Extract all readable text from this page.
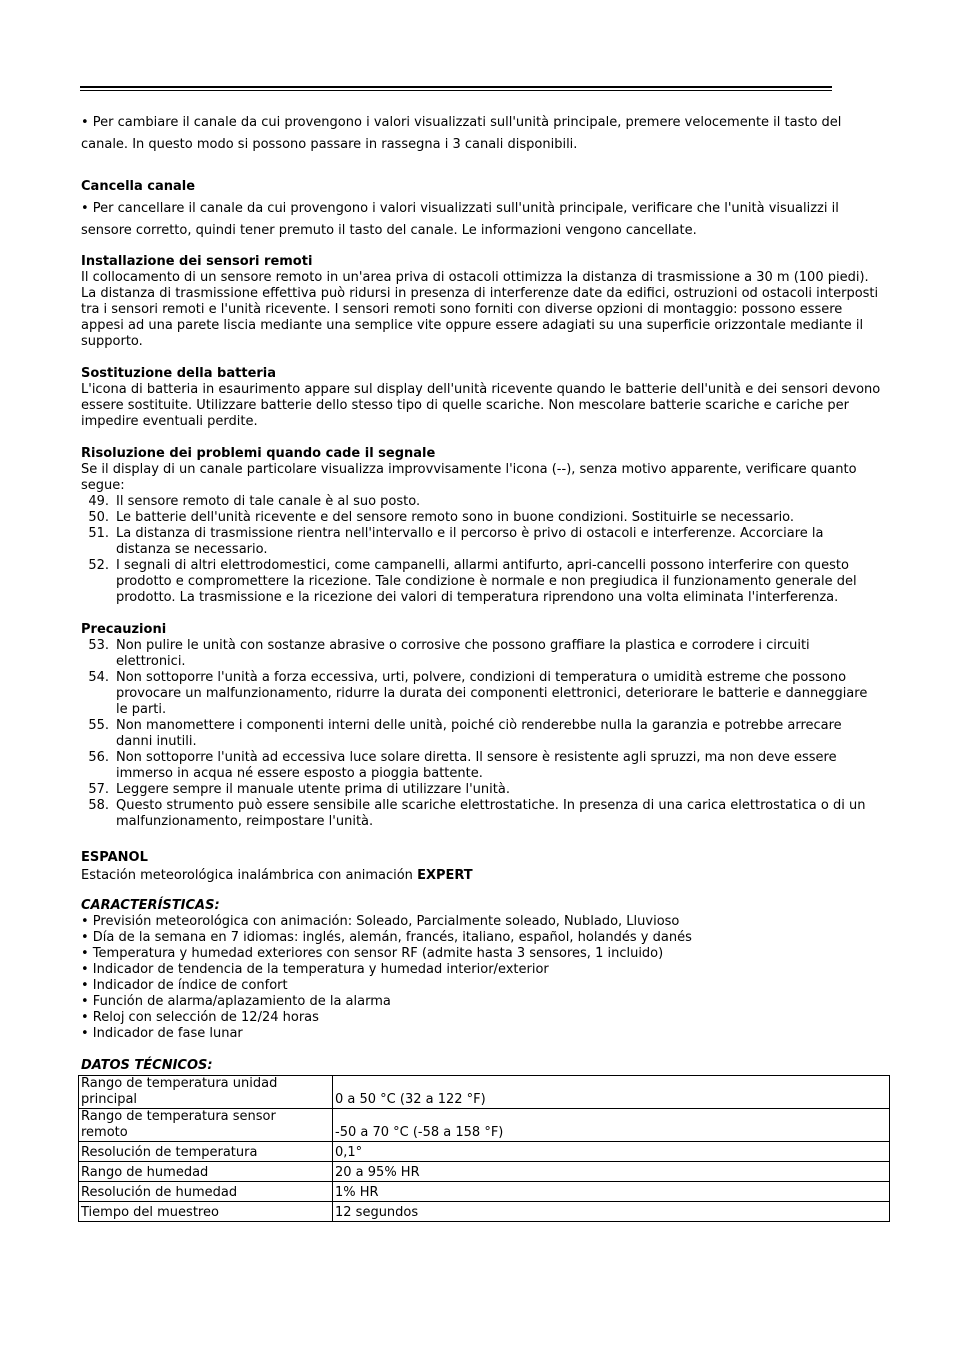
• Per cambiare il canale da cui provengono i valori visualizzati sull'unità principale, premere velocemente il tasto del canale. In questo modo si possono passare in rassegna i 3 canali disponibili.

Cancella canale

• Per cancellare il canale da cui provengono i valori visualizzati sull'unità principale, verificare che l'unità visualizzi il sensore corretto, quindi tener premuto il tasto del canale. Le informazioni vengono cancellate.

Installazione dei sensori remoti

Il collocamento di un sensore remoto in un'area priva di ostacoli ottimizza la distanza di trasmissione a 30 m (100 piedi). La distanza di trasmissione effettiva può ridursi in presenza di interferenze date da edifici, ostruzioni od ostacoli interposti tra i sensori remoti e l'unità ricevente. I sensori remoti sono forniti con diverse opzioni di montaggio: possono essere appesi ad una parete liscia mediante una semplice vite oppure essere adagiati su una superficie orizzontale mediante il supporto.

Sostituzione della batteria

L'icona di batteria in esaurimento appare sul display dell'unità ricevente quando le batterie dell'unità e dei sensori devono essere sostituite. Utilizzare batterie dello stesso tipo di quelle scariche. Non mescolare batterie scariche e cariche per impedire eventuali perdite.

Risoluzione dei problemi quando cade il segnale

Se il display di un canale particolare visualizza improvvisamente l'icona (--), senza motivo apparente, verificare quanto segue:

49. Il sensore remoto di tale canale è al suo posto.
50. Le batterie dell'unità ricevente e del sensore remoto sono in buone condizioni. Sostituirle se necessario.
51. La distanza di trasmissione rientra nell'intervallo e il percorso è privo di ostacoli e interferenze. Accorciare la distanza se necessario.
52. I segnali di altri elettrodomestici, come campanelli, allarmi antifurto, apri-cancelli possono interferire con questo prodotto e compromettere la ricezione. Tale condizione è normale e non pregiudica il funzionamento generale del prodotto. La trasmissione e la ricezione dei valori di temperatura riprendono una volta eliminata l'interferenza.

Precauzioni

53. Non pulire le unità con sostanze abrasive o corrosive che possono graffiare la plastica e corrodere i circuiti elettronici.
54. Non sottoporre l'unità a forza eccessiva, urti, polvere, condizioni di temperatura o umidità estreme che possono provocare un malfunzionamento, ridurre la durata dei componenti elettronici, deteriorare le batterie e danneggiare le parti.
55. Non manomettere i componenti interni delle unità, poiché ciò renderebbe nulla la garanzia e potrebbe arrecare danni inutili.
56. Non sottoporre l'unità ad eccessiva luce solare diretta. Il sensore è resistente agli spruzzi, ma non deve essere immerso in acqua né essere esposto a pioggia battente.
57. Leggere sempre il manuale utente prima di utilizzare l'unità.
58. Questo strumento può essere sensibile alle scariche elettrostatiche. In presenza di una carica elettrostatica o di un malfunzionamento, reimpostare l'unità.

ESPANOL

Estación meteorológica inalámbrica con animación EXPERT

CARACTERÍSTICAS:

• Previsión meteorológica con animación: Soleado, Parcialmente soleado, Nublado, Lluvioso

• Día de la semana en 7 idiomas: inglés, alemán, francés, italiano, español, holandés y danés

• Temperatura y humedad exteriores con sensor RF (admite hasta 3 sensores, 1 incluido)

• Indicador de tendencia de la temperatura y humedad interior/exterior

• Indicador de índice de confort

• Función de alarma/aplazamiento de la alarma

• Reloj con selección de 12/24 horas

• Indicador de fase lunar

DATOS TÉCNICOS:

Rango de temperatura unidad
principal	0 a 50 °C (32 a 122 °F)

Rango de temperatura sensor
remoto	-50 a 70 °C (-58 a 158 °F)

Resolución de temperatura	0,1°

Rango de humedad	20 a 95% HR

Resolución de humedad	1% HR

Tiempo del muestreo	12 segundos
